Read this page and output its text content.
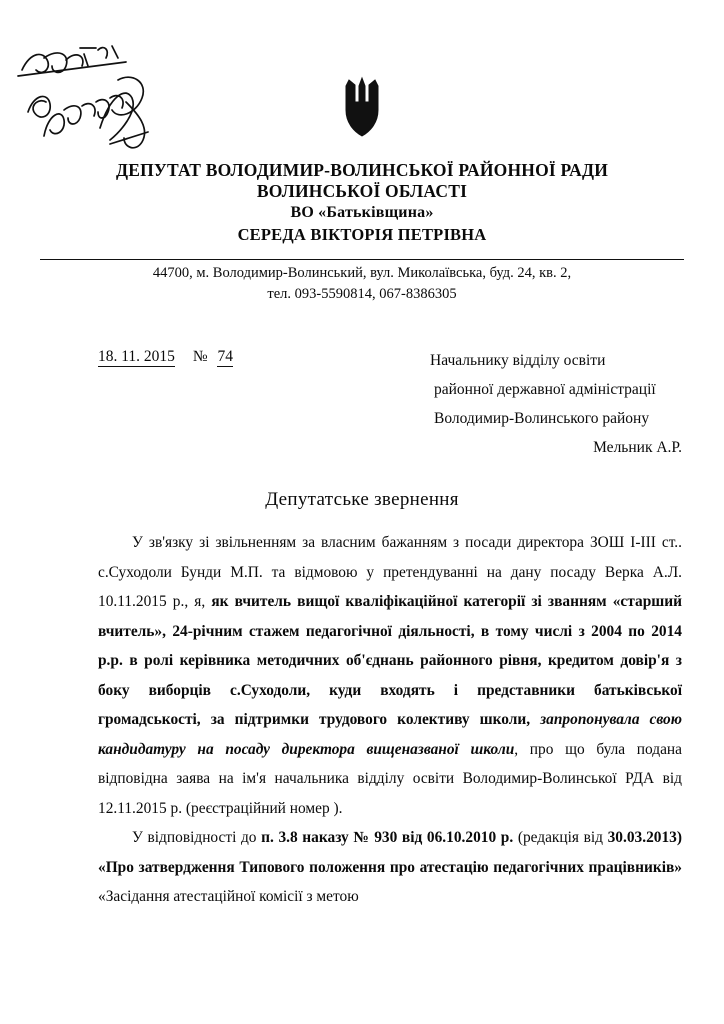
ДЕПУТАТ ВОЛОДИМИР-ВОЛИНСЬКОЇ РАЙОННОЇ РАДИ
ВОЛИНСЬКОЇ ОБЛАСТІ
ВО «Батьківщина»
СЕРЕДА ВІКТОРІЯ ПЕТРІВНА
44700, м. Володимир-Волинський, вул. Миколаївська, буд. 24, кв. 2,
тел. 093-5590814, 067-8386305
18. 11. 2015 № 74	Начальнику відділу освіти
районної державної адміністрації
Володимир-Волинського району
Мельник А.Р.
Депутатське звернення

У зв'язку зі звільненням за власним бажанням з посади директора ЗОШ I-III ст.. с.Суходоли Бунди М.П. та відмовою у претендуванні на дану посаду Верка А.Л. 10.11.2015 р., я, як вчитель вищої кваліфікаційної категорії зі званням «старший вчитель», 24-річним стажем педагогічної діяльності, в тому числі з 2004 по 2014 р.р. в ролі керівника методичних об'єднань районного рівня, кредитом довір'я з боку виборців с.Суходоли, куди входять і представники батьківської громадськості, за підтримки трудового колективу школи, запропонувала свою кандидатуру на посаду директора вищеназваної школи, про що була подана відповідна заява на ім'я начальника відділу освіти Володимир-Волинської РДА від 12.11.2015 р. (реєстраційний номер ).

У відповідності до п. 3.8 наказу № 930 від 06.10.2010 р. (редакція від 30.03.2013) «Про затвердження Типового положення про атестацію педагогічних працівників» «Засідання атестаційної комісії з метою
